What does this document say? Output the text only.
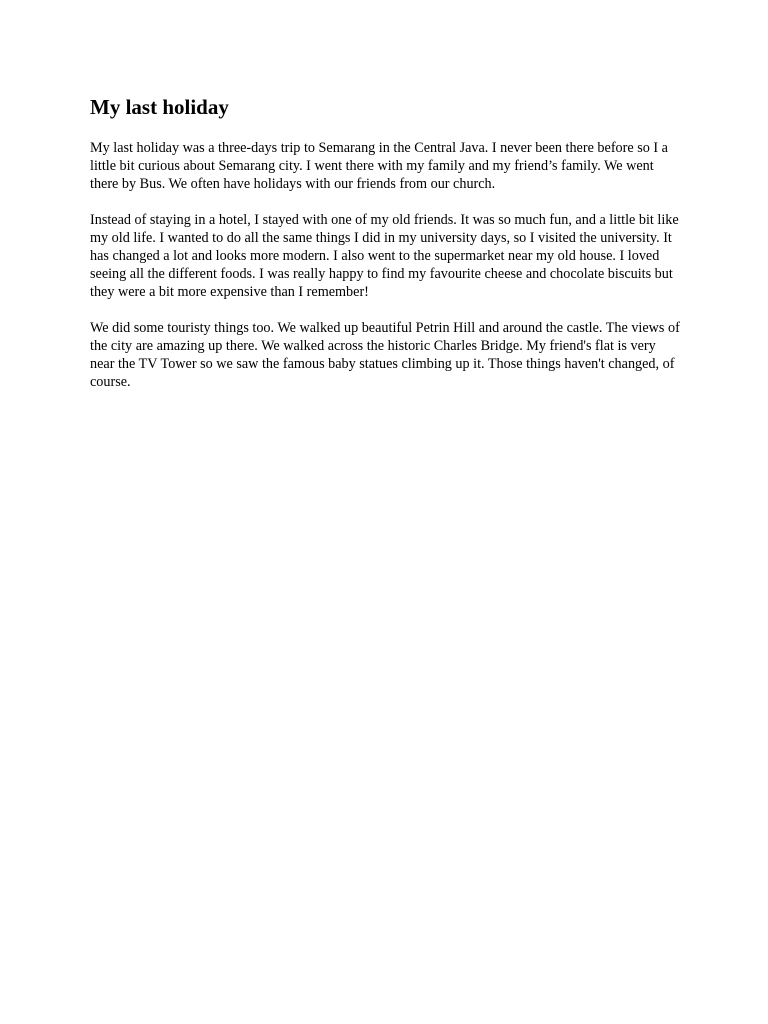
My last holiday

My last holiday was a three-days trip to Semarang in the Central Java. I never been there before so I a little bit curious about Semarang city. I went there with my family and my friend’s family. We went there by Bus. We often have holidays with our friends from our church.

Instead of staying in a hotel, I stayed with one of my old friends. It was so much fun, and a little bit like my old life. I wanted to do all the same things I did in my university days, so I visited the university. It has changed a lot and looks more modern. I also went to the supermarket near my old house. I loved seeing all the different foods. I was really happy to find my favourite cheese and chocolate biscuits but they were a bit more expensive than I remember!

We did some touristy things too. We walked up beautiful Petrin Hill and around the castle. The views of the city are amazing up there. We walked across the historic Charles Bridge. My friend's flat is very near the TV Tower so we saw the famous baby statues climbing up it. Those things haven't changed, of course.
